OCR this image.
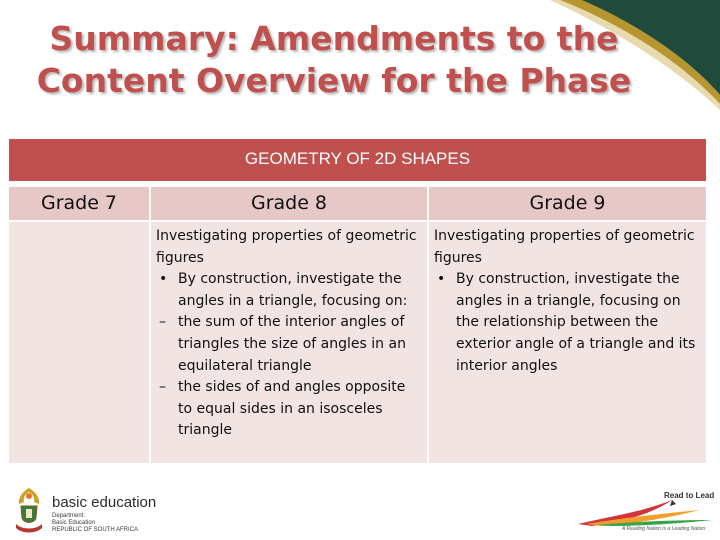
Summary: Amendments to the
Content Overview for the Phase
GEOMETRY OF 2D SHAPES
Grade 7	Grade 8
Investigating properties of geometric figures
• By construction, investigate the angles in a triangle, focusing on:
– the sum of the interior angles of triangles the size of angles in an equilateral triangle
– the sides of and angles opposite to equal sides in an isosceles triangle
Grade 9
Investigating properties of geometric figures
• By construction, investigate the angles in a triangle, focusing on the relationship between the exterior angle of a triangle and its interior angles
basic education
Department:
Basic Education
REPUBLIC OF SOUTH AFRICA
Read to Lead
A Reading Nation is a Leading Nation
